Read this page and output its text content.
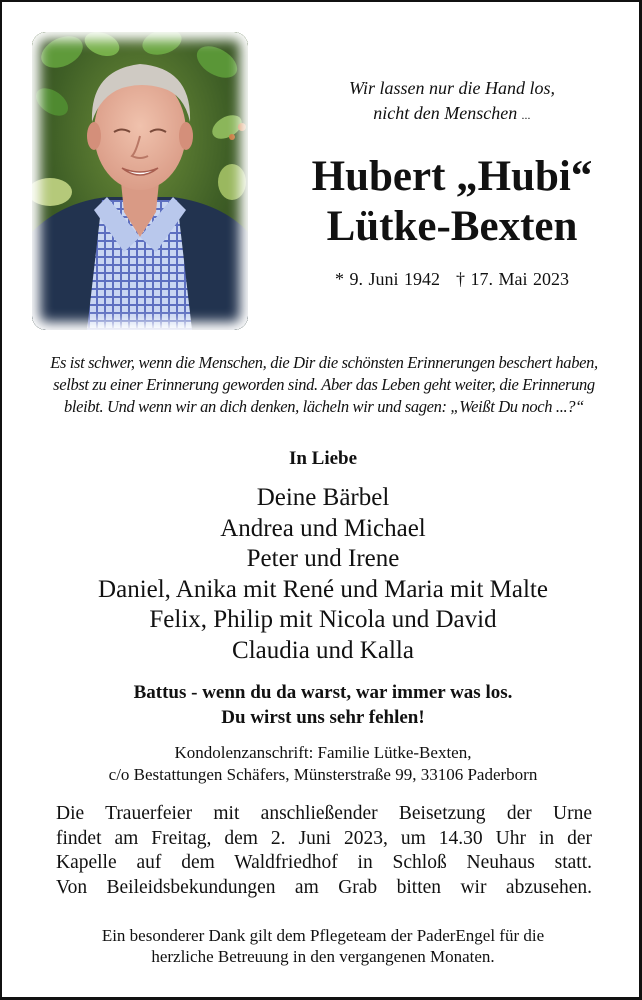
Wir lassen nur die Hand los,
nicht den Menschen ...
Hubert „Hubi“
Lütke-Bexten
* 9. Juni 1942 † 17. Mai 2023
Es ist schwer, wenn die Menschen, die Dir die schönsten Erinnerungen beschert haben,
selbst zu einer Erinnerung geworden sind. Aber das Leben geht weiter, die Erinnerung
bleibt. Und wenn wir an dich denken, lächeln wir und sagen: „Weißt Du noch ...?“
In Liebe
Deine Bärbel
Andrea und Michael
Peter und Irene
Daniel, Anika mit René und Maria mit Malte
Felix, Philip mit Nicola und David
Claudia und Kalla
Battus - wenn du da warst, war immer was los.
Du wirst uns sehr fehlen!
Kondolenzanschrift: Familie Lütke-Bexten,
c/o Bestattungen Schäfers, Münsterstraße 99, 33106 Paderborn
Die Trauerfeier mit anschließender Beisetzung der Urne
findet am Freitag, dem 2. Juni 2023, um 14.30 Uhr in der
Kapelle auf dem Waldfriedhof in Schloß Neuhaus statt.
Von Beileidsbekundungen am Grab bitten wir abzusehen.
Ein besonderer Dank gilt dem Pflegeteam der PaderEngel für die
herzliche Betreuung in den vergangenen Monaten.
